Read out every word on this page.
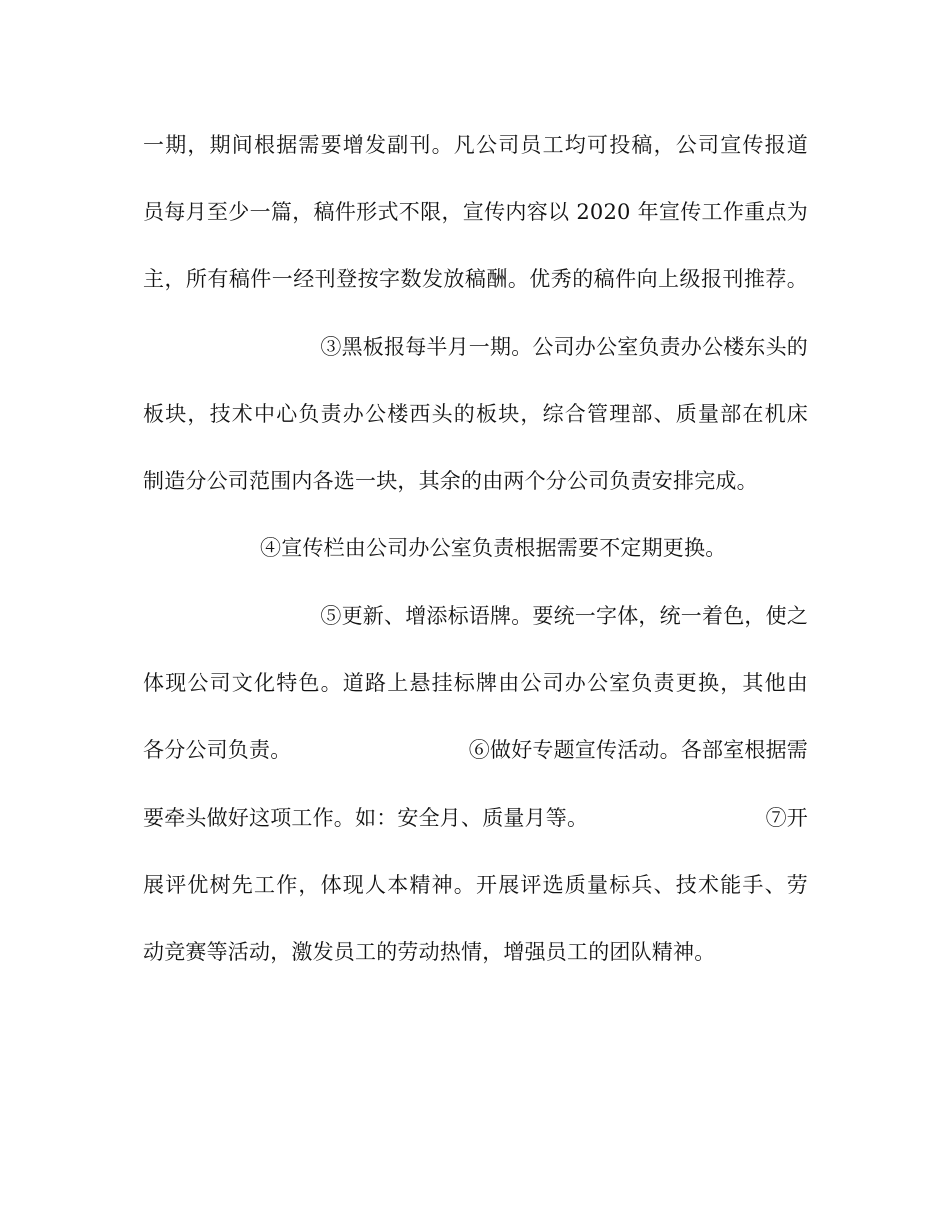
一期，期间根据需要增发副刊。凡公司员工均可投稿，公司宣传报道

员每月至少一篇，稿件形式不限，宣传内容以 2020 年宣传工作重点为

主，所有稿件一经刊登按字数发放稿酬。优秀的稿件向上级报刊推荐。

③黑板报每半月一期。公司办公室负责办公楼东头的

板块，技术中心负责办公楼西头的板块，综合管理部、质量部在机床

制造分公司范围内各选一块，其余的由两个分公司负责安排完成。

④宣传栏由公司办公室负责根据需要不定期更换。

⑤更新、增添标语牌。要统一字体，统一着色，使之

体现公司文化特色。道路上悬挂标牌由公司办公室负责更换，其他由

各分公司负责。	⑥做好专题宣传活动。各部室根据需
要牵头做好这项工作。如：安全月、质量月等。	⑦开

展评优树先工作，体现人本精神。开展评选质量标兵、技术能手、劳

动竞赛等活动，激发员工的劳动热情，增强员工的团队精神。
